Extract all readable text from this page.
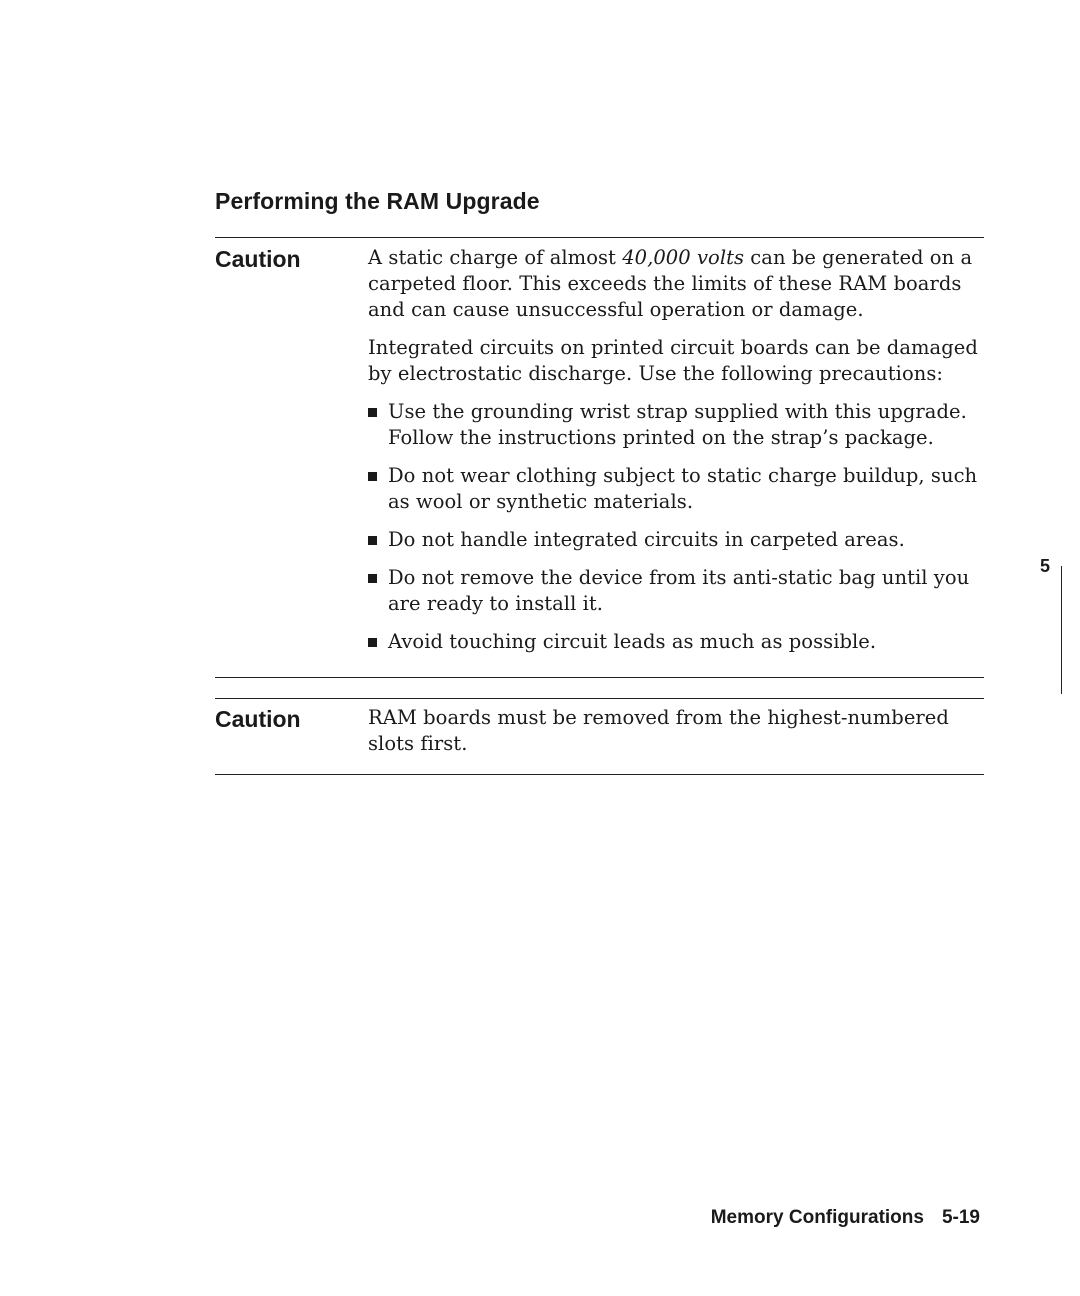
Performing the RAM Upgrade
Caution	A static charge of almost 40,000 volts can be generated on a carpeted floor. This exceeds the limits of these RAM boards and can cause unsuccessful operation or damage.

Integrated circuits on printed circuit boards can be damaged by electrostatic discharge. Use the following precautions:

Use the grounding wrist strap supplied with this upgrade. Follow the instructions printed on the strap’s package.
Do not wear clothing subject to static charge buildup, such as wool or synthetic materials.
Do not handle integrated circuits in carpeted areas.
Do not remove the device from its anti-static bag until you are ready to install it.
Avoid touching circuit leads as much as possible.
Caution	RAM boards must be removed from the highest-numbered slots first.

5
Memory Configurations 5-19
